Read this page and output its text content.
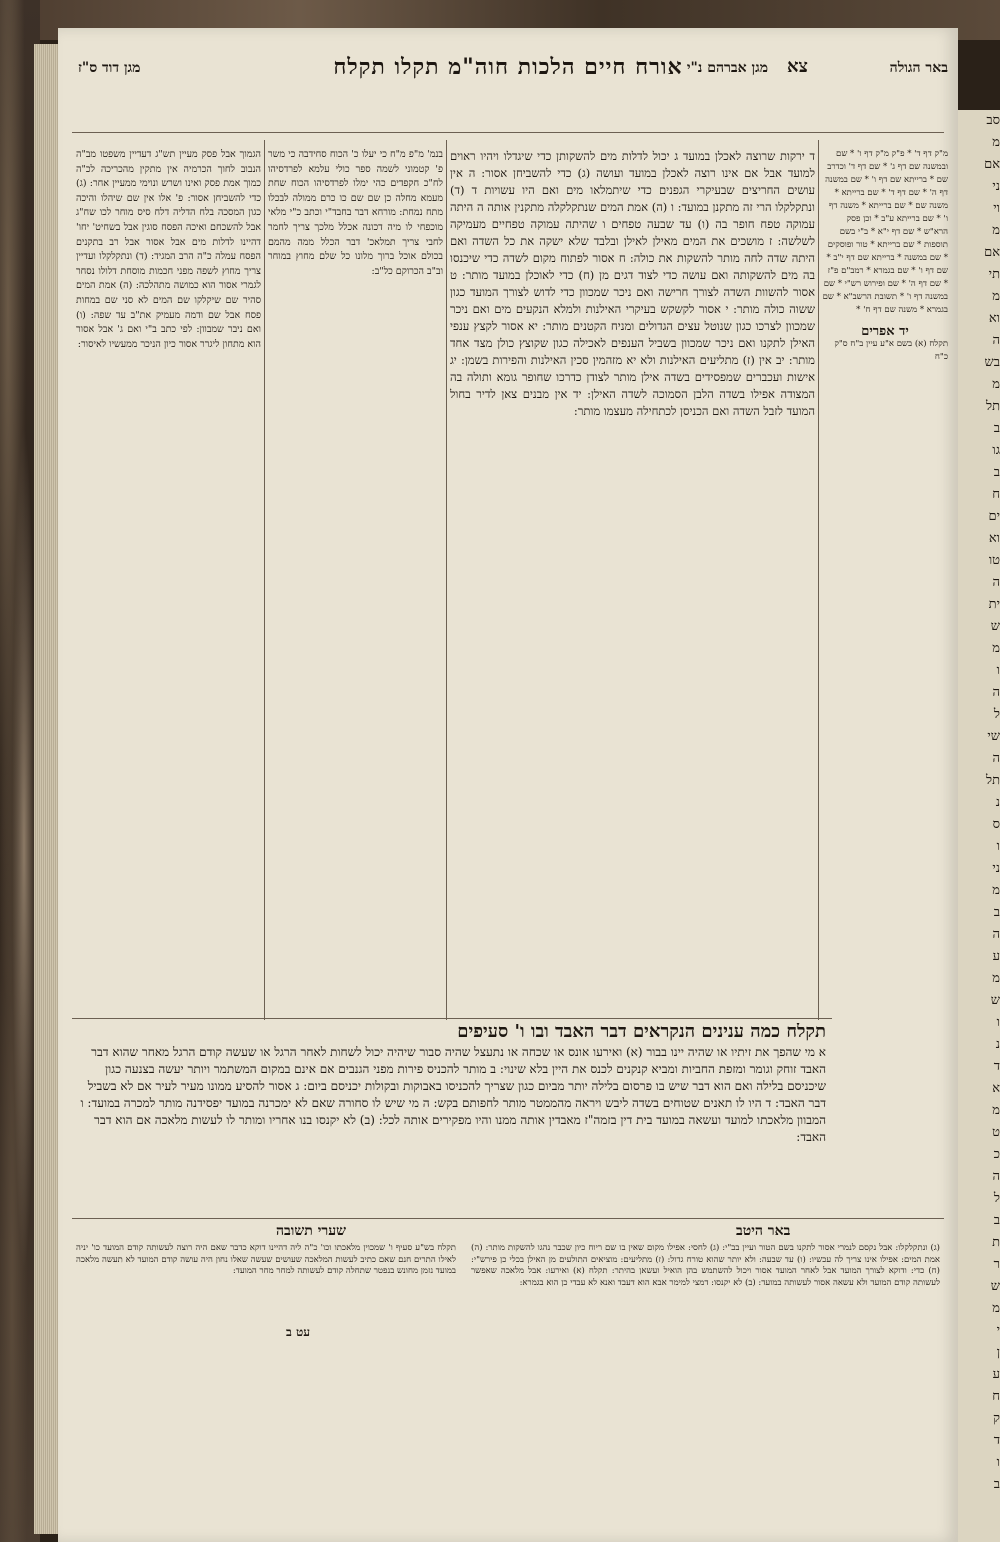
מגן דוד ס"ז	אורח חיים הלכות חוה"מ תקלו תקלח מגן אברהם נ"י צא	באר הגולה

הגמוך אבל פסק מעיין תש"ג דעדיין משפטו מב"ה הנבוב לחוך הכרמיה אין מתקין מהכריכה לכ"ה כמוך אמת פסק ואינו ושרש ונוימי ממעיין אחר: (ג) כדי להשביחן אסור: פ' אלו אין שם שיהלו והיכה כגון המסכה בלח הדליה דלח סיס מוחר לכו שח"ג אבל להשכחם ואיכה הפסח סוגין אבל בשחיט' יחו' דהיינו לדלות מים אבל אסור אבל רב בתקנים הפסח עמלה כ"ה הרב המגיד: (ד) ונתקלקלו ועדיין צריך מחוץ לשפה מפני חכמות מוסחת דלולו נסחר לגמרי אסור הוא כמושה מתהלכה: (ה) אמת המים סהיר שם שיקלקו שם המים לא סני שם במחות פסח אבל שם ודמה מעמיק את"ב עד שפה: (ו) ואם ניבר שמבוון: לפי כתב ב"י ואם ג' אבל אסור הוא מתחון ליגרר אסור כיון הניכר ממעשיו לאיסור:

בנמ' מ"פ מ"ח כי יעלו כ' הכוח סחידבה כי משר פ' קטמוני לשמה ספר כולי עלמא לפרדסיהו לח"כ חקפדים כהי ימלו לפרדסיהו הכוח שחת מעמא מחלה כן שם שם כו כרם ממולה לבכלו מתח נמחת: מורחא דבר בחבד"י וכתב כ"י מלאי מוכפחי לו מיה דכונה אכלל מלכך צריך לחמר לחבי צריך תמלאכ' דבר הכלל ממה מהמם בכולם אוכל ברוך מלונו כל שלם מחוץ במוחר וב"ב הכרוקם כל"ב:

ד ירקות שרוצה לאכלן במועד ג יכול לדלות מים להשקותן כדי שיגדלו ויהיו ראוים למועד אבל אם אינו רוצה לאכלן במועד ועושה (ג) כדי להשביחן אסור: ה אין עושים החריצים שבעיקרי הגפנים כדי שיתמלאו מים ואם היו עשויות ד (ד) ונתקלקלו הרי זה מתקנן במועד: ו (ה) אמת המים שנתקלקלה מתקנין אותה ה היתה עמוקה טפח חופר בה (ו) עד שבעה טפחים ו שהיתה עמוקה טפחיים מעמיקה לשלשה: ז מושכים את המים מאילן לאילן ובלבד שלא ישקה את כל השדה ואם היתה שדה לחה מותר להשקות את כולה: ח אסור לפתוח מקום לשדה כדי שיכנסו בה מים להשקותה ואם עושה כדי לצוד דגים מן (ח) כדי לאוכלן במועד מותר: ט אסור להשוות השדה לצורך חרישה ואם ניכר שמכוון כדי לדוש לצורך המועד כגון ששוה כולה מותר: י אסור לקשקש בעיקרי האילנות ולמלא הנקעים מים ואם ניכר שמכוון לצרכו כגון שנוטל עצים הגדולים ומניח הקטנים מותר: יא אסור לקצץ ענפי האילן לתקנו ואם ניכר שמכוון בשביל הענפים לאכילה כגון שקוצץ כולן מצד אחד מותר: יב אין (ז) מתליעים האילנות ולא יא מזהמין סכין האילנות והפירות בשמן: יג אישות ועכברים שמפסידים בשדה אילן מותר לצודן כדרכו שחופר גומא ותולה בה המצודה אפילו בשדה הלבן הסמוכה לשדה האילן: יד אין מבנים צאן לדיר בחול המועד לזבל השדה ואם הכניסן לכתחילה מעצמו מותר:

מ"ק דף ד' * פ"ק מ"ק דף ו' * שם ובמשנה שם דף ג' * שם דף ד' וכדרב שם * ברייתא שם דף ו' * שם במשנה דף ה' * שם דף ד' * שם ברייתא * משנה שם * שם ברייתא * משנה דף ו' * שם ברייתא ע"ב * וכן פסק הרא"ש * שם דף י"א * ב"י בשם תוספות * שם ברייתא * טור ופוסקים * שם במשנה * ברייתא שם דף י"ב * שם דף ו' * שם בגמרא * רמב"ם פ"ז * שם דף ה' * שם ופירוש רש"י * שם במשנה דף ו' * תשובת הרשב"א * שם בגמרא * משנה שם דף ח' *

יד אפרים

תקלח (א) בשם א"ע עיין ב"ח ס"ק כ"ח

תקלח כמה ענינים הנקראים דבר האבד ובו ו' סעיפים

א מי שהפך את זיתיו או שהיה יינו בבור (א) ואירעו אונס או שכחה או נתעצל שהיה סבור שיהיה יכול לשחות לאחר הרגל או שעשה קודם הרגל מאחר שהוא דבר האבד זוחק וגומר ומזפת החביות ומביא קנקנים לכנס את היין בלא שינוי: ב מותר להכניס פירות מפני הגנבים אם אינם במקום המשתמר ויותר יעשה בצנעה כגון שיכניסם בלילה ואם הוא דבר שיש בו פרסום בלילה יותר מביום כגון שצריך להכניסו באבוקות ובקולות יכניסם ביום: ג אסור להסיע ממונו מעיר לעיר אם לא בשביל דבר האבד: ד היו לו תאנים שטוחים בשדה ליבש ויראה מהממטר מותר לחפותם בקש: ה מי שיש לו סחורה שאם לא ימכרנה במועד יפסידנה מותר למכרה במועד: ו המבוון מלאכתו למועד ועשאה במועד בית דין בזמה"ז מאבדין אותה ממנו והיו מפקירים אותה לכל: (ב) לא יקנסו בנו אחריו ומותר לו לעשות מלאכה אם הוא דבר האבד:

שערי תשובה

תקלח בש"ע סעיף ו' שמכוין מלאכתו וכו' כ"ה ליה דהיינו דוקא כדבר שאם היה רוצה לעשותה קודם המועד כו' יניה לאילו התרים חנם שאם כתיב לעשות המלאכה שעושים שעשה שאלו נחון היה עושה קודם המועד לא תעשה מלאכה במועד נזמן מחונש בנפטר שתחלה קודם לעשותה למחר מחר המועד:

באר היטב

(ג) ונתקלקלו: אבל נקסם לנמרי אסור לתקנו בשם הטור ועיין בב"י: (ג) לחסי: אפילו מקום שאין בו שם ריוח כיון שכבר נהגו להשקות מותר: (ה) אמת המים: אפילו אינו צריך לה עכשיו: (ו) עד שבעה: ולא יותר שהוא טורח גדול: (ז) מתליעים: מוציאים התולעים מן האילן בכלי כן פירש"י: (ח) כדי: ודוקא לצורך המועד אבל לאחר המועד אסור ויכול להשתמש בהן הואיל ועשאן בהיתר: תקלח (א) ואירעו: אבל מלאכה שאפשר לעשותה קודם המועד ולא עשאה אסור לעשותה במועד: (ב) לא יקנסו: דמצי למימר אבא הוא דעבד ואנא לא עבדי כן הוא בגמרא:

עט ב
סב
מ
אם
ני
וי
מ
אם
תי
מ
וא
ה
בש
מ
תל
ב
גו
ב
ח
ים
וא
טו
ה
ית
ש
מ
ו
ה
ל
שי
ה
תל
נ
ס
ו
ני
מ
ב
ה
ע
מ
ש
ו
נ
ד
א
מ
ט
כ
ה
ל
ב
ת
ר
ש
מ
י
ן
ע
ח
ק
ד
ו
ב
